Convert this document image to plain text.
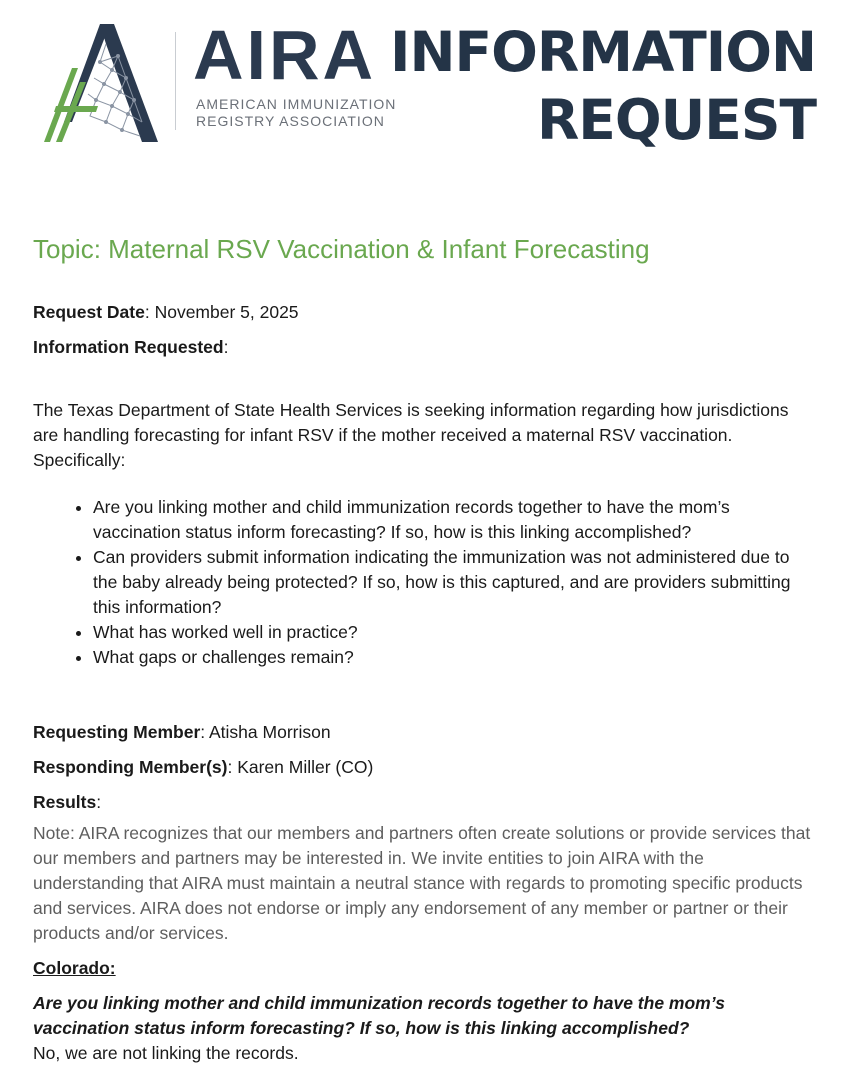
AIRA
AMERICAN IMMUNIZATION
REGISTRY ASSOCIATION
INFORMATION
REQUEST
Topic: Maternal RSV Vaccination & Infant Forecasting

Request Date: November 5, 2025

Information Requested:

The Texas Department of State Health Services is seeking information regarding how jurisdictions are handling forecasting for infant RSV if the mother received a maternal RSV vaccination. Specifically:

• Are you linking mother and child immunization records together to have the mom’s vaccination status inform forecasting? If so, how is this linking accomplished?
• Can providers submit information indicating the immunization was not administered due to the baby already being protected? If so, how is this captured, and are providers submitting this information?
• What has worked well in practice?
• What gaps or challenges remain?

Requesting Member: Atisha Morrison

Responding Member(s): Karen Miller (CO)

Results:

Note: AIRA recognizes that our members and partners often create solutions or provide services that our members and partners may be interested in. We invite entities to join AIRA with the understanding that AIRA must maintain a neutral stance with regards to promoting specific products and services. AIRA does not endorse or imply any endorsement of any member or partner or their products and/or services.

Colorado:

Are you linking mother and child immunization records together to have the mom’s vaccination status inform forecasting? If so, how is this linking accomplished?

No, we are not linking the records.
